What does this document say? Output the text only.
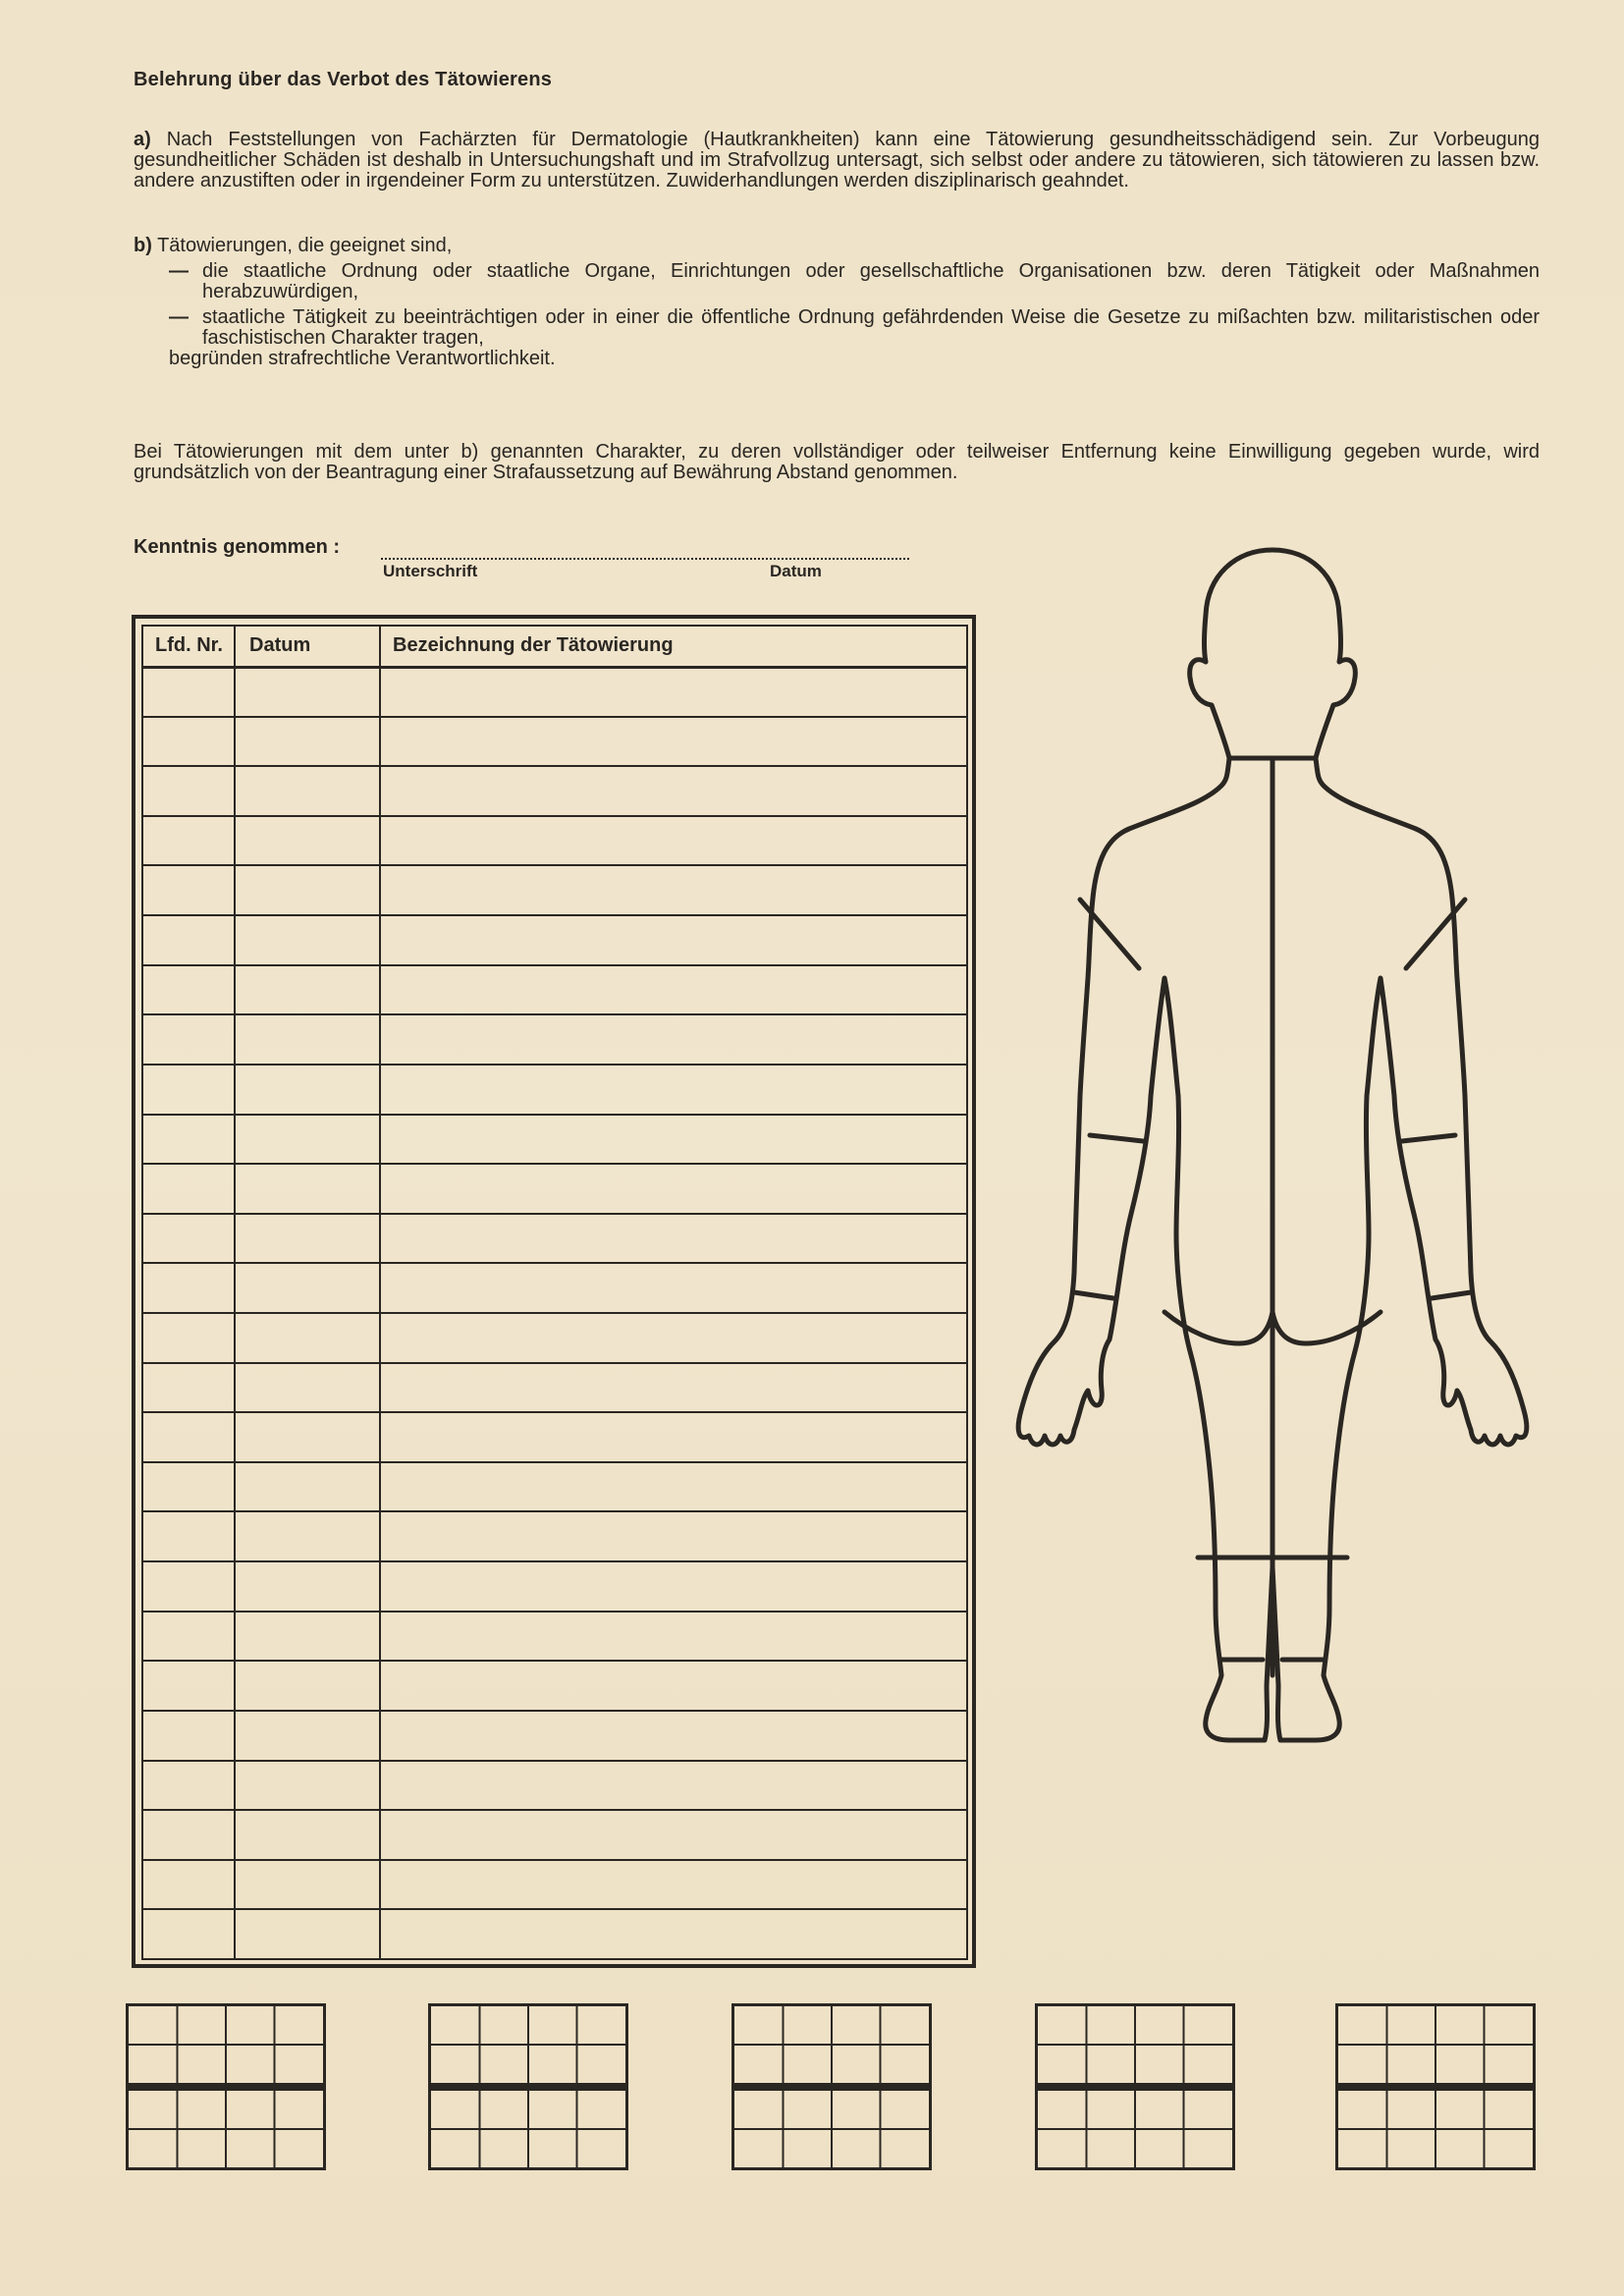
Belehrung über das Verbot des Tätowierens
a) Nach Feststellungen von Fachärzten für Dermatologie (Hautkrankheiten) kann eine Tätowierung gesundheitsschädigend sein. Zur Vorbeugung gesundheitlicher Schäden ist deshalb in Untersuchungshaft und im Strafvollzug untersagt, sich selbst oder andere zu tätowieren, sich tätowieren zu lassen bzw. andere anzustiften oder in irgendeiner Form zu unterstützen. Zuwiderhandlungen werden disziplinarisch geahndet.
b) Tätowierungen, die geeignet sind,
— die staatliche Ordnung oder staatliche Organe, Einrichtungen oder gesellschaftliche Organisationen bzw. deren Tätigkeit oder Maßnahmen herabzuwürdigen,
— staatliche Tätigkeit zu beeinträchtigen oder in einer die öffentliche Ordnung gefährdenden Weise die Gesetze zu mißachten bzw. militaristischen oder faschistischen Charakter tragen,
begründen strafrechtliche Verantwortlichkeit.
Bei Tätowierungen mit dem unter b) genannten Charakter, zu deren vollständiger oder teilweiser Entfernung keine Einwilligung gegeben wurde, wird grundsätzlich von der Beantragung einer Strafaussetzung auf Bewährung Abstand genommen.
Kenntnis genommen :
Unterschrift	Datum
Lfd. Nr. Datum	Bezeichnung der Tätowierung
